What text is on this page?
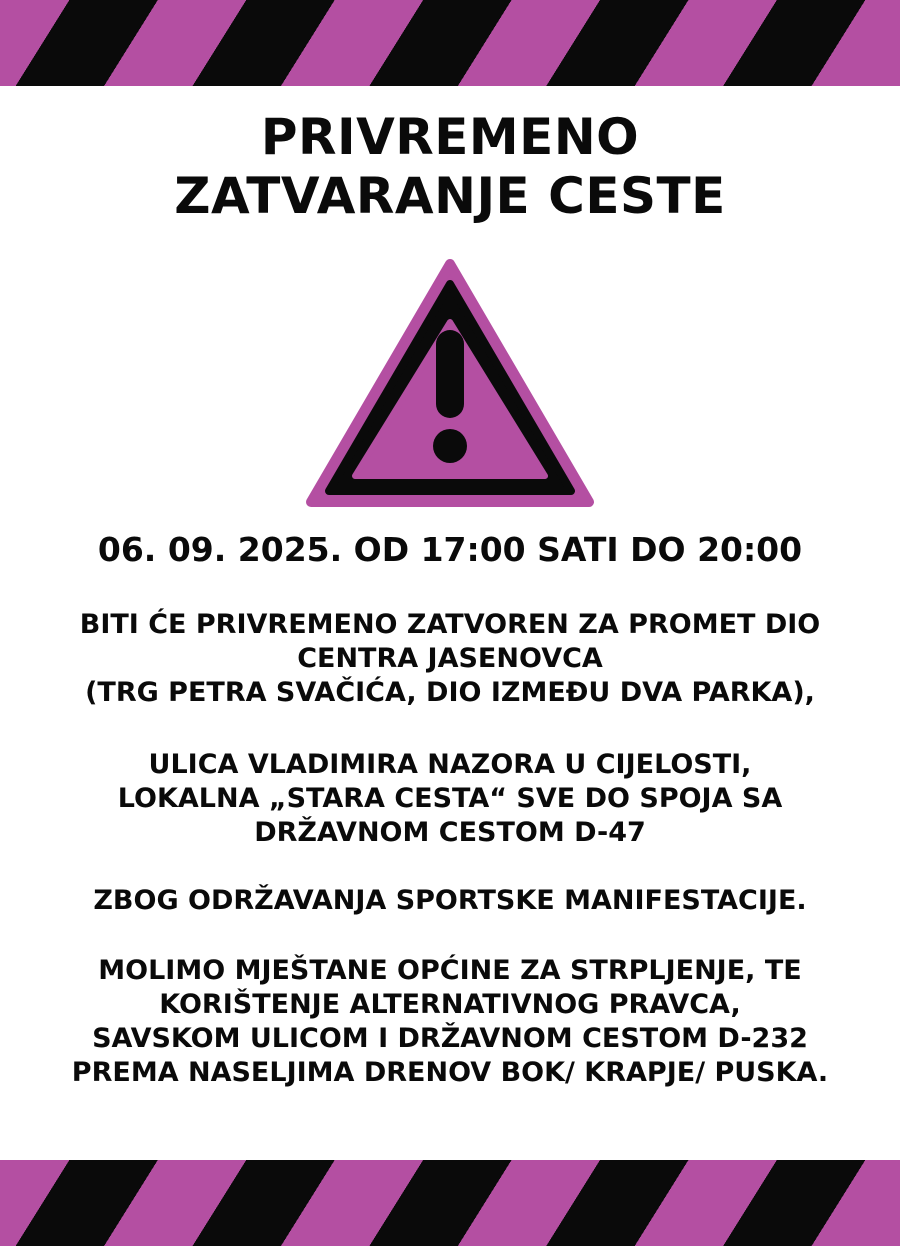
PRIVREMENO
ZATVARANJE CESTE
06. 09. 2025. OD 17:00 SATI DO 20:00
BITI ĆE PRIVREMENO ZATVOREN ZA PROMET DIO
CENTRA JASENOVCA
(TRG PETRA SVAČIĆA, DIO IZMEĐU DVA PARKA),
ULICA VLADIMIRA NAZORA U CIJELOSTI,
LOKALNA „STARA CESTA“ SVE DO SPOJA SA
DRŽAVNOM CESTOM D-47
ZBOG ODRŽAVANJA SPORTSKE MANIFESTACIJE.
MOLIMO MJEŠTANE OPĆINE ZA STRPLJENJE, TE
KORIŠTENJE ALTERNATIVNOG PRAVCA,
SAVSKOM ULICOM I DRŽAVNOM CESTOM D-232
PREMA NASELJIMA DRENOV BOK/ KRAPJE/ PUSKA.
